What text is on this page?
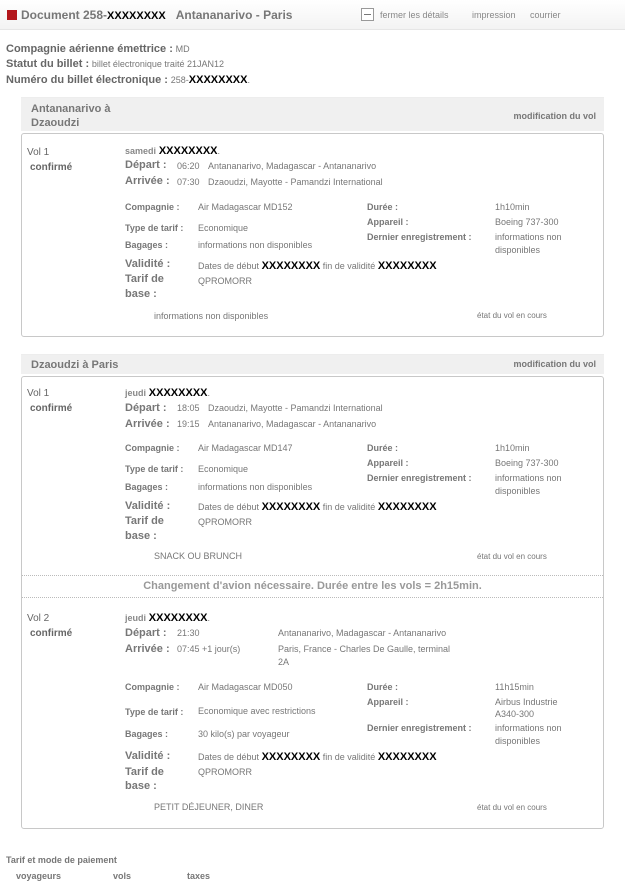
Document 258-XXXXXXXX Antananarivo - Paris	fermer les détails	impression courrier
Compagnie aérienne émettrice : MD
Statut du billet : billet électronique traité 21JAN12
Numéro du billet électronique : 258-XXXXXXXX.
Antananarivo à Dzaoudzi
modification du vol
Vol 1
confirmé
samedi XXXXXXXX.
Départ : 06:20 Antananarivo, Madagascar - Antananarivo
Arrivée : 07:30 Dzaoudzi, Mayotte - Pamandzi International
Compagnie : Air Madagascar MD152
Type de tarif : Economique
Bagages :	informations non disponibles
Durée :	1h10min
Appareil :	Boeing 737-300
Dernier enregistrement :	informations non
disponibles
Validité :	Dates de début XXXXXXXX fin de validité XXXXXXXX
Tarif de
base :
QPROMORR
informations non disponibles	état du vol en cours
Dzaoudzi à Paris	modification du vol
Vol 1
confirmé
jeudi XXXXXXXX.
Départ : 18:05 Dzaoudzi, Mayotte - Pamandzi International
Arrivée : 19:15 Antananarivo, Madagascar - Antananarivo
Compagnie : Air Madagascar MD147
Type de tarif : Economique
Bagages :	informations non disponibles
Durée :	1h10min
Appareil :	Boeing 737-300
Dernier enregistrement :	informations non
disponibles
Validité :	Dates de début XXXXXXXX fin de validité XXXXXXXX
Tarif de
base :
QPROMORR
SNACK OU BRUNCH	état du vol en cours
Changement d'avion nécessaire. Durée entre les vols = 2h15min.
Vol 2
confirmé
jeudi XXXXXXXX.
Départ : 21:30	Antananarivo, Madagascar - Antananarivo
Arrivée : 07:45 +1 jour(s)	Paris, France - Charles De Gaulle, terminal
2A
Compagnie : Air Madagascar MD050
Type de tarif : Economique avec restrictions
Bagages :	30 kilo(s) par voyageur
Durée :	11h15min
Appareil :	Airbus Industrie
A340-300
Dernier enregistrement :	informations non
disponibles
Validité :	Dates de début XXXXXXXX fin de validité XXXXXXXX
Tarif de
base :
QPROMORR
PETIT DÉJEUNER, DINER	état du vol en cours
Tarif et mode de paiement
voyageurs	vols	taxes
